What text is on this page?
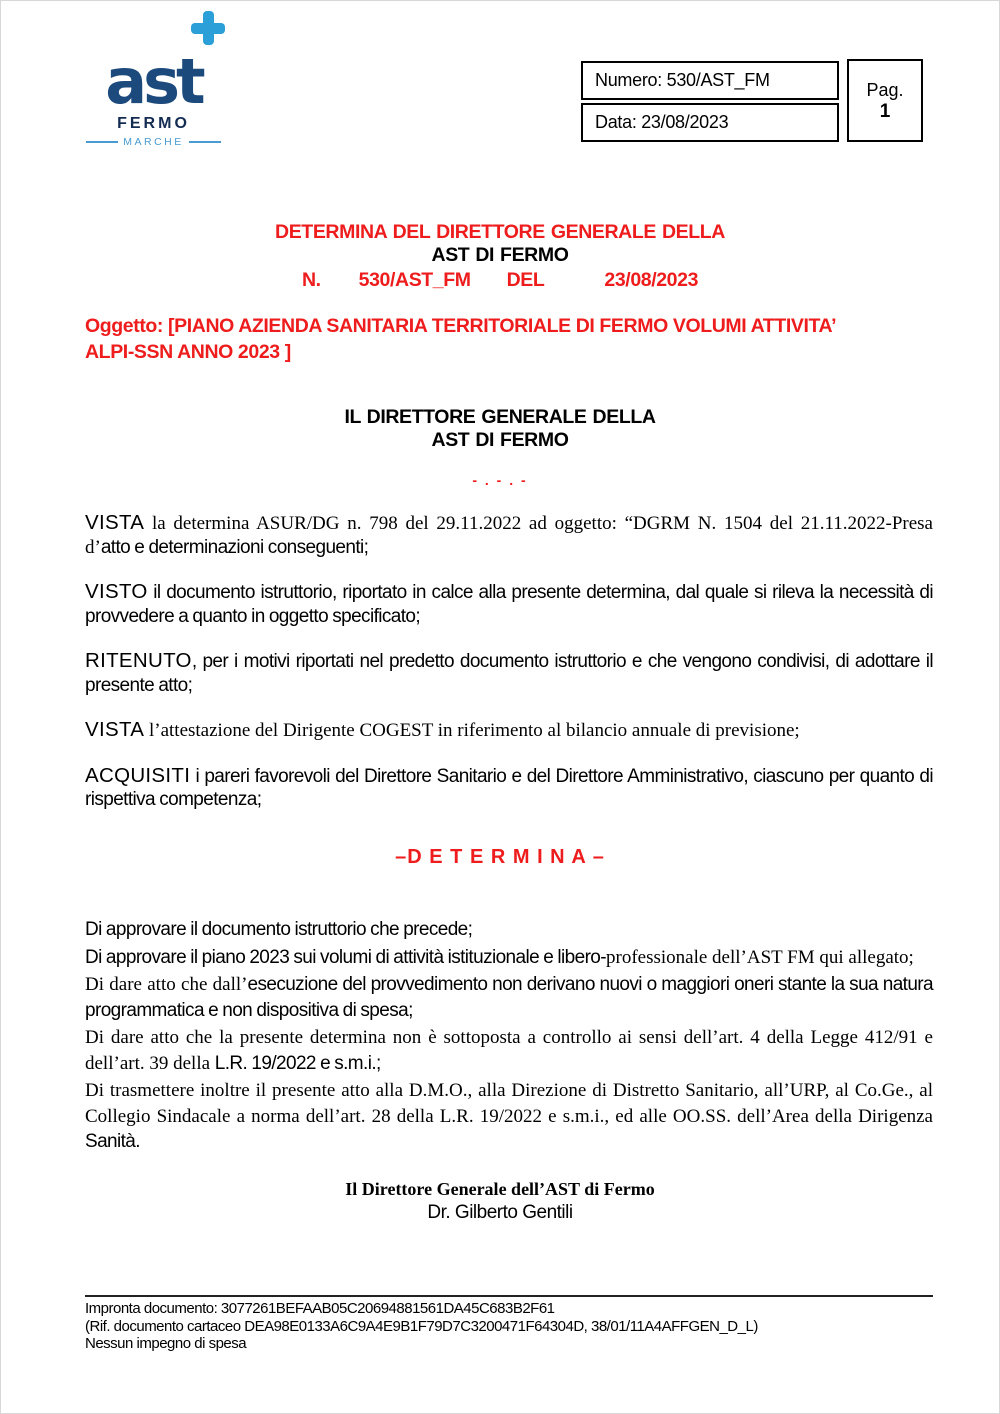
ast
FERMO
MARCHE
Numero: 530/AST_FM
Data: 23/08/2023
Pag.
1
DETERMINA DEL DIRETTORE GENERALE DELLA
AST DI FERMO
N. 530/AST_FM DEL	23/08/2023
Oggetto: [PIANO AZIENDA SANITARIA TERRITORIALE DI FERMO VOLUMI ATTIVITA’
ALPI-SSN ANNO 2023 ]
IL DIRETTORE GENERALE DELLA
AST DI FERMO
- . - . -

VISTA la determina ASUR/DG n. 798 del 29.11.2022 ad oggetto: “DGRM N. 1504 del 21.11.2022-Presa d’atto e determinazioni conseguenti;

VISTO il documento istruttorio, riportato in calce alla presente determina, dal quale si rileva la necessità di provvedere a quanto in oggetto specificato;

RITENUTO, per i motivi riportati nel predetto documento istruttorio e che vengono condivisi, di adottare il presente atto;

VISTA l’attestazione del Dirigente COGEST in riferimento al bilancio annuale di previsione;

ACQUISITI i pareri favorevoli del Direttore Sanitario e del Direttore Amministrativo, ciascuno per quanto di rispettiva competenza;

–D E T E R M I N A –

Di approvare il documento istruttorio che precede;

Di approvare il piano 2023 sui volumi di attività istituzionale e libero-professionale dell’AST FM qui allegato;

Di dare atto che dall’esecuzione del provvedimento non derivano nuovi o maggiori oneri stante la sua natura programmatica e non dispositiva di spesa;

Di dare atto che la presente determina non è sottoposta a controllo ai sensi dell’art. 4 della Legge 412/91 e dell’art. 39 della L.R. 19/2022 e s.m.i.;

Di trasmettere inoltre il presente atto alla D.M.O., alla Direzione di Distretto Sanitario, all’URP, al Co.Ge., al Collegio Sindacale a norma dell’art. 28 della L.R. 19/2022 e s.m.i., ed alle OO.SS. dell’Area della Dirigenza Sanità.

Il Direttore Generale dell’AST di Fermo
Dr. Gilberto Gentili
Impronta documento: 3077261BEFAAB05C20694881561DA45C683B2F61
(Rif. documento cartaceo DEA98E0133A6C9A4E9B1F79D7C3200471F64304D, 38/01/11A4AFFGEN_D_L)
Nessun impegno di spesa
